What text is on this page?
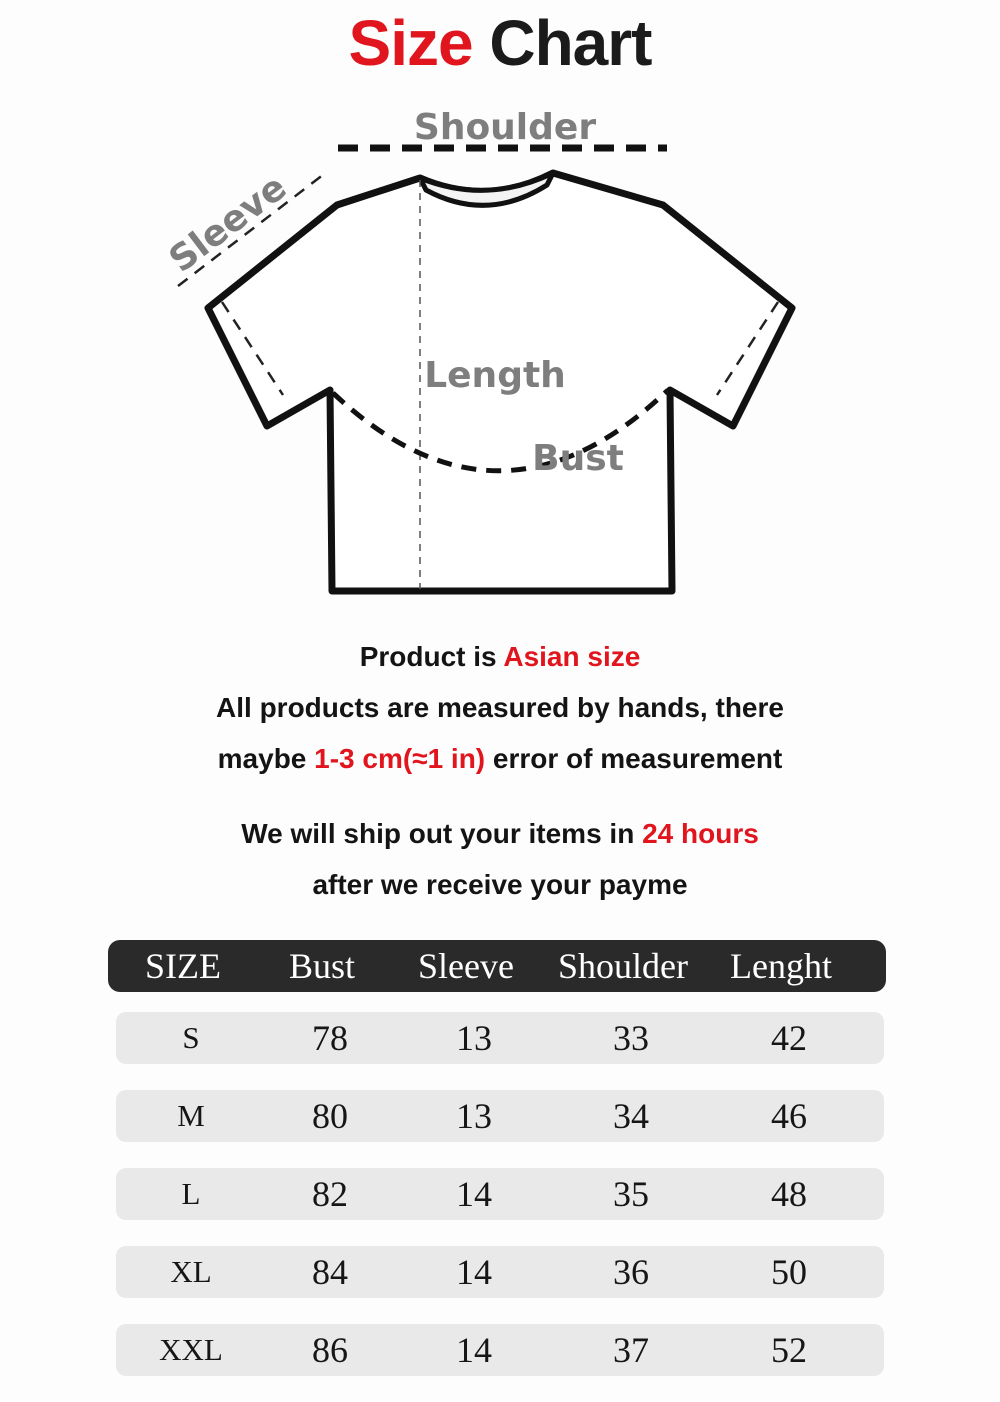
Size Chart
Shoulder
Sleeve
Length
Bust
Product is Asian size
All products are measured by hands, there
maybe 1-3 cm(≈1 in) error of measurement
We will ship out your items in 24 hours
after we receive your payme
SIZE	Bust	Sleeve	Shoulder	Lenght
S	78	13	33	42
M	80	13	34	46
L	82	14	35	48
XL	84	14	36	50
XXL	86	14	37	52
